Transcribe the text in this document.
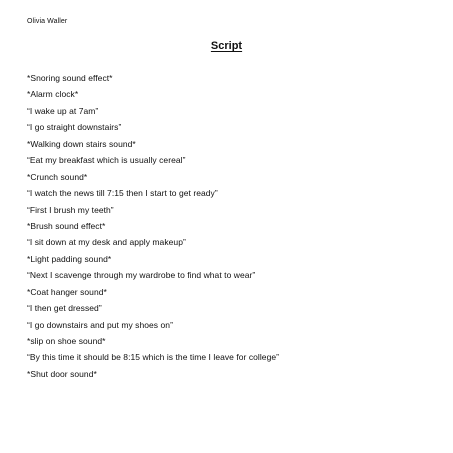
Olivia Waller
Script
*Snoring sound effect*
*Alarm clock*
“I wake up at 7am”
“I go straight downstairs”
*Walking down stairs sound*
“Eat my breakfast which is usually cereal”
*Crunch sound*
“I watch the news till 7:15 then I start to get ready”
“First I brush my teeth”
*Brush sound effect*
“I sit down at my desk and apply makeup”
*Light padding sound*
“Next I scavenge through my wardrobe to find what to wear”
*Coat hanger sound*
“I then get dressed”
“I go downstairs and put my shoes on”
*slip on shoe sound*
“By this time it should be 8:15 which is the time I leave for college”
*Shut door sound*
